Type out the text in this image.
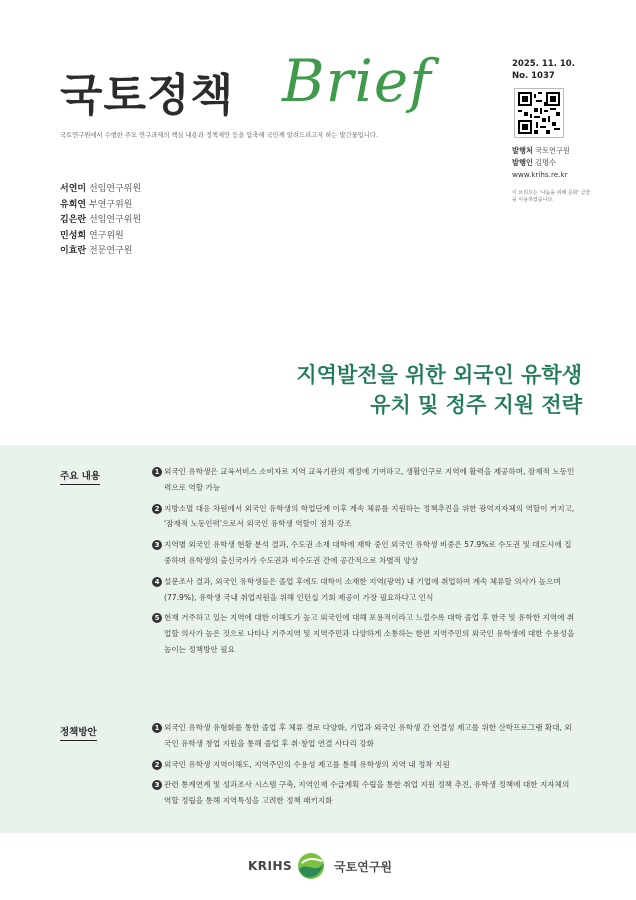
국토정책 Brief
국토연구원에서 수행한 주요 연구과제의 핵심 내용과 정책제안 등을 압축해 국민께 알려드리고자 하는 발간물입니다.
2025. 11. 10.
No. 1037
발행처 국토연구원
발행인 김명수
www.krihs.re.kr
이 브리프는 '나눔을 위해 문화' 글꼴을 사용하였습니다.
서연미 선임연구위원
유희연 부연구위원
김은란 선임연구위원
민성희 연구위원
이효란 전문연구원
지역발전을 위한 외국인 유학생
유치 및 정주 지원 전략
주요 내용	1 외국인 유학생은 교육서비스 소비자로 지역 교육기관의 재정에 기여하고, 생활인구로 지역에 활력을 제공하며, 잠재적 노동인력으로 역할 가능
2 지방소멸 대응 차원에서 외국인 유학생의 학업단계 이후 계속 체류를 지원하는 정책추진을 위한 광역지자체의 역할이 커지고, '잠재적 노동인력'으로서 외국인 유학생 역할이 점차 강조
3 지역별 외국인 유학생 현황 분석 결과, 수도권 소재 대학에 재학 중인 외국인 유학생 비중은 57.9%로 수도권 및 대도시에 집중하며 유학생의 출신국가가 수도권과 비수도권 간에 공간적으로 차별적 양상
4 설문조사 결과, 외국인 유학생들은 졸업 후에도 대학이 소재한 지역(광역) 내 기업에 취업하여 계속 체류할 의사가 높으며(77.9%), 유학생 국내 취업지원을 위해 인턴십 기회 제공이 가장 필요하다고 인식
5 현재 거주하고 있는 지역에 대한 이해도가 높고 외국인에 대해 포용적이라고 느낄수록 대학 졸업 후 한국 및 유학한 지역에 취업할 의사가 높은 것으로 나타나 거주지역 및 지역주민과 다양하게 소통하는 한편 지역주민의 외국인 유학생에 대한 수용성을 높이는 정책방안 필요
정책방안	1 외국인 유학생 유형화를 통한 졸업 후 체류 경로 다양화, 기업과 외국인 유학생 간 연결성 제고를 위한 산학프로그램 확대, 외국인 유학생 창업 지원을 통해 졸업 후 취·창업 연결 사다리 강화
2 외국인 유학생 지역이해도, 지역주민의 수용성 제고를 통해 유학생의 지역 내 정착 지원
3 관련 통계연계 및 성과조사 시스템 구축, 지역인재 수급계획 수립을 통한 취업 지원 정책 추진, 유학생 정책에 대한 지자체의 역할 정립을 통해 지역특성을 고려한 정책 패키지화
KRIHS	국토연구원
